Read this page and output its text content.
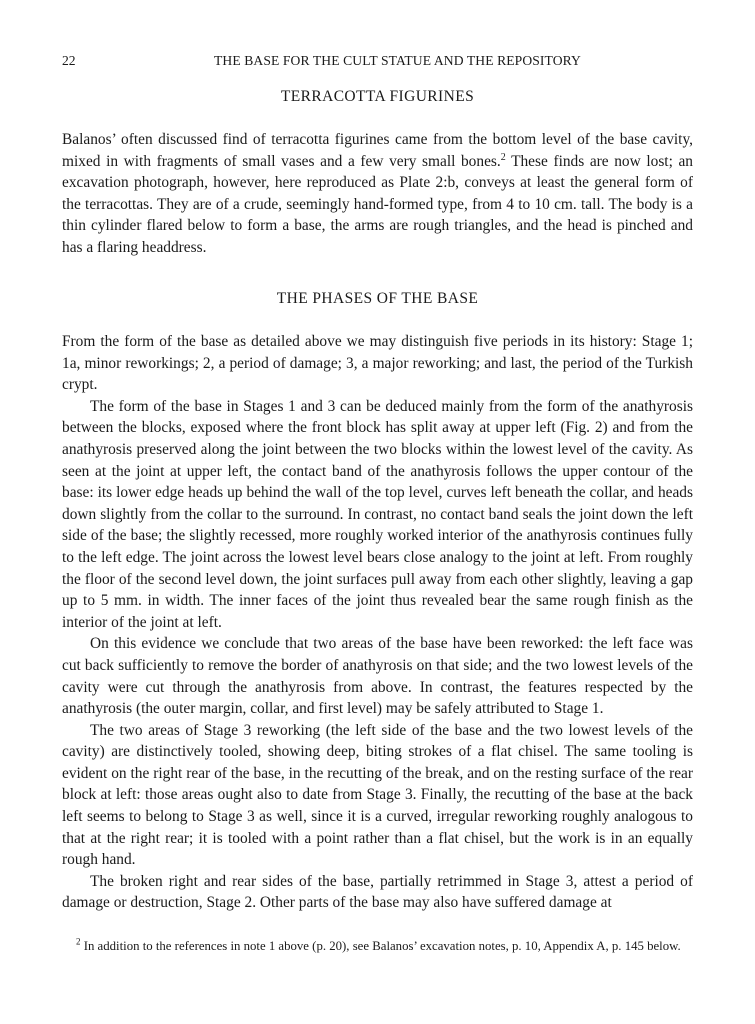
22	THE BASE FOR THE CULT STATUE AND THE REPOSITORY
TERRACOTTA FIGURINES

Balanos’ often discussed find of terracotta figurines came from the bottom level of the base cavity, mixed in with fragments of small vases and a few very small bones.$^2$ These finds are now lost; an excavation photograph, however, here reproduced as Plate 2:b, conveys at least the general form of the terracottas. They are of a crude, seemingly hand-formed type, from 4 to 10 cm. tall. The body is a thin cylinder flared below to form a base, the arms are rough triangles, and the head is pinched and has a flaring headdress.

THE PHASES OF THE BASE

From the form of the base as detailed above we may distinguish five periods in its history: Stage 1; 1a, minor reworkings; 2, a period of damage; 3, a major reworking; and last, the period of the Turkish crypt.

The form of the base in Stages 1 and 3 can be deduced mainly from the form of the anathyrosis between the blocks, exposed where the front block has split away at upper left (Fig. 2) and from the anathyrosis preserved along the joint between the two blocks within the lowest level of the cavity. As seen at the joint at upper left, the contact band of the anathyrosis follows the upper contour of the base: its lower edge heads up behind the wall of the top level, curves left beneath the collar, and heads down slightly from the collar to the surround. In contrast, no contact band seals the joint down the left side of the base; the slightly recessed, more roughly worked interior of the anathyrosis continues fully to the left edge. The joint across the lowest level bears close analogy to the joint at left. From roughly the floor of the second level down, the joint surfaces pull away from each other slightly, leaving a gap up to 5 mm. in width. The inner faces of the joint thus revealed bear the same rough finish as the interior of the joint at left.

On this evidence we conclude that two areas of the base have been reworked: the left face was cut back sufficiently to remove the border of anathyrosis on that side; and the two lowest levels of the cavity were cut through the anathyrosis from above. In contrast, the features respected by the anathyrosis (the outer margin, collar, and first level) may be safely attributed to Stage 1.

The two areas of Stage 3 reworking (the left side of the base and the two lowest levels of the cavity) are distinctively tooled, showing deep, biting strokes of a flat chisel. The same tooling is evident on the right rear of the base, in the recutting of the break, and on the resting surface of the rear block at left: those areas ought also to date from Stage 3. Finally, the recutting of the base at the back left seems to belong to Stage 3 as well, since it is a curved, irregular reworking roughly analogous to that at the right rear; it is tooled with a point rather than a flat chisel, but the work is in an equally rough hand.

The broken right and rear sides of the base, partially retrimmed in Stage 3, attest a period of damage or destruction, Stage 2. Other parts of the base may also have suffered damage at

$^2$ In addition to the references in note 1 above (p. 20), see Balanos’ excavation notes, p. 10, Appendix A, p. 145 below.
